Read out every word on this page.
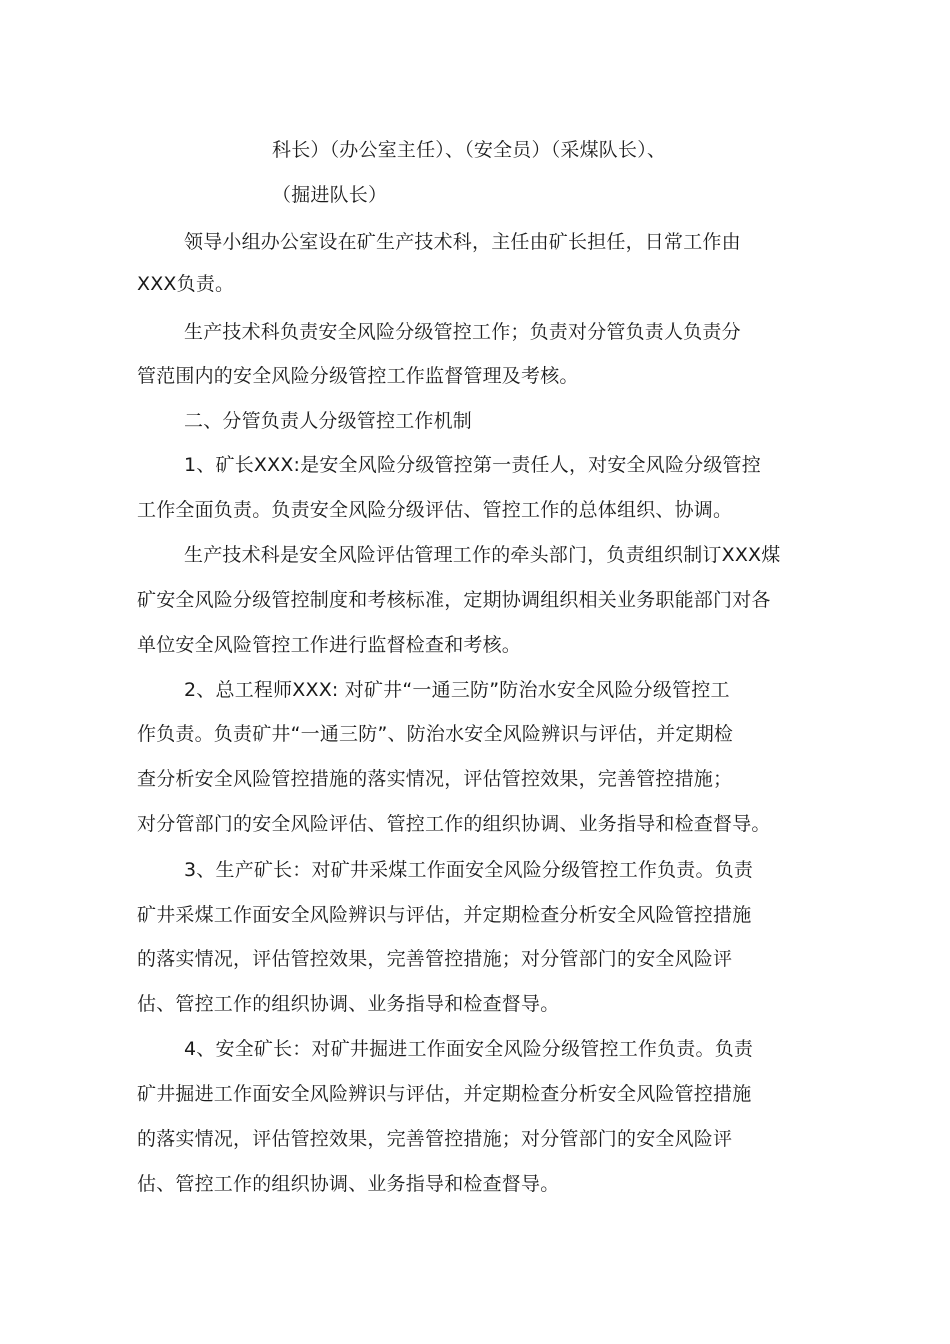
科长）（办公室主任）、（安全员）（采煤队长）、
（掘进队长）
领导小组办公室设在矿生产技术科，主任由矿长担任，日常工作由
XXX负责。
生产技术科负责安全风险分级管控工作；负责对分管负责人负责分
管范围内的安全风险分级管控工作监督管理及考核。
二、分管负责人分级管控工作机制
1、矿长XXX:是安全风险分级管控第一责任人，对安全风险分级管控
工作全面负责。负责安全风险分级评估、管控工作的总体组织、协调。
生产技术科是安全风险评估管理工作的牵头部门，负责组织制订XXX煤
矿安全风险分级管控制度和考核标准，定期协调组织相关业务职能部门对各
单位安全风险管控工作进行监督检查和考核。
2、总工程师XXX: 对矿井“一通三防”防治水安全风险分级管控工
作负责。负责矿井“一通三防”、防治水安全风险辨识与评估，并定期检
查分析安全风险管控措施的落实情况，评估管控效果，完善管控措施；
对分管部门的安全风险评估、管控工作的组织协调、业务指导和检查督导。
3、生产矿长：对矿井采煤工作面安全风险分级管控工作负责。负责
矿井采煤工作面安全风险辨识与评估，并定期检查分析安全风险管控措施
的落实情况，评估管控效果，完善管控措施；对分管部门的安全风险评
估、管控工作的组织协调、业务指导和检查督导。
4、安全矿长：对矿井掘进工作面安全风险分级管控工作负责。负责
矿井掘进工作面安全风险辨识与评估，并定期检查分析安全风险管控措施
的落实情况，评估管控效果，完善管控措施；对分管部门的安全风险评
估、管控工作的组织协调、业务指导和检查督导。
